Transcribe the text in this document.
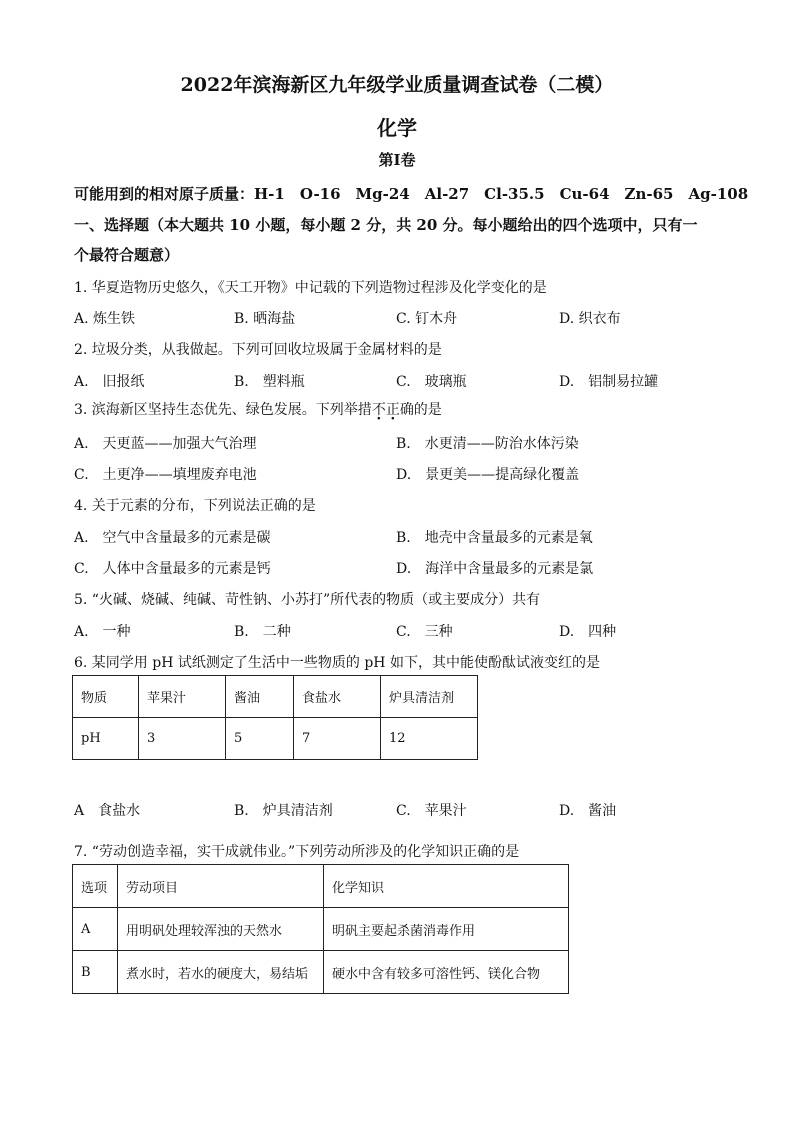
2022年滨海新区九年级学业质量调查试卷（二模）
化学
第I卷
可能用到的相对原子质量：H-1　O-16　Mg-24　Al-27　Cl-35.5　Cu-64　Zn-65　Ag-108
一、选择题（本大题共 10 小题，每小题 2 分，共 20 分。每小题给出的四个选项中，只有一
个最符合题意）
1. 华夏造物历史悠久，《天工开物》中记载的下列造物过程涉及化学变化的是
A. 炼生铁	B. 晒海盐	C. 钉木舟	D. 织衣布
2. 垃圾分类，从我做起。下列可回收垃圾属于金属材料的是
A.　旧报纸	B.　塑料瓶	C.　玻璃瓶	D.　铝制易拉罐
3. 滨海新区坚持生态优先、绿色发展。下列举措不正确的是
A.　天更蓝——加强大气治理	B.　水更清——防治水体污染
C.　土更净——填埋废弃电池	D.　景更美——提高绿化覆盖
4. 关于元素的分布，下列说法正确的是
A.　空气中含量最多的元素是碳	B.　地壳中含量最多的元素是氧
C.　人体中含量最多的元素是钙	D.　海洋中含量最多的元素是氯
5. “火碱、烧碱、纯碱、苛性钠、小苏打”所代表的物质（或主要成分）共有
A.　一种	B.　二种	C.　三种	D.　四种
6. 某同学用 pH 试纸测定了生活中一些物质的 pH 如下，其中能使酚酞试液变红的是
物质	苹果汁	酱油	食盐水	炉具清洁剂
pH	3	5	7	12
A　食盐水	B.　炉具清洁剂	C.　苹果汁	D.　酱油
7. “劳动创造幸福，实干成就伟业。”下列劳动所涉及的化学知识正确的是
选项	劳动项目	化学知识
A	用明矾处理较浑浊的天然水	明矾主要起杀菌消毒作用
B	煮水时，若水的硬度大，易结垢	硬水中含有较多可溶性钙、镁化合物
